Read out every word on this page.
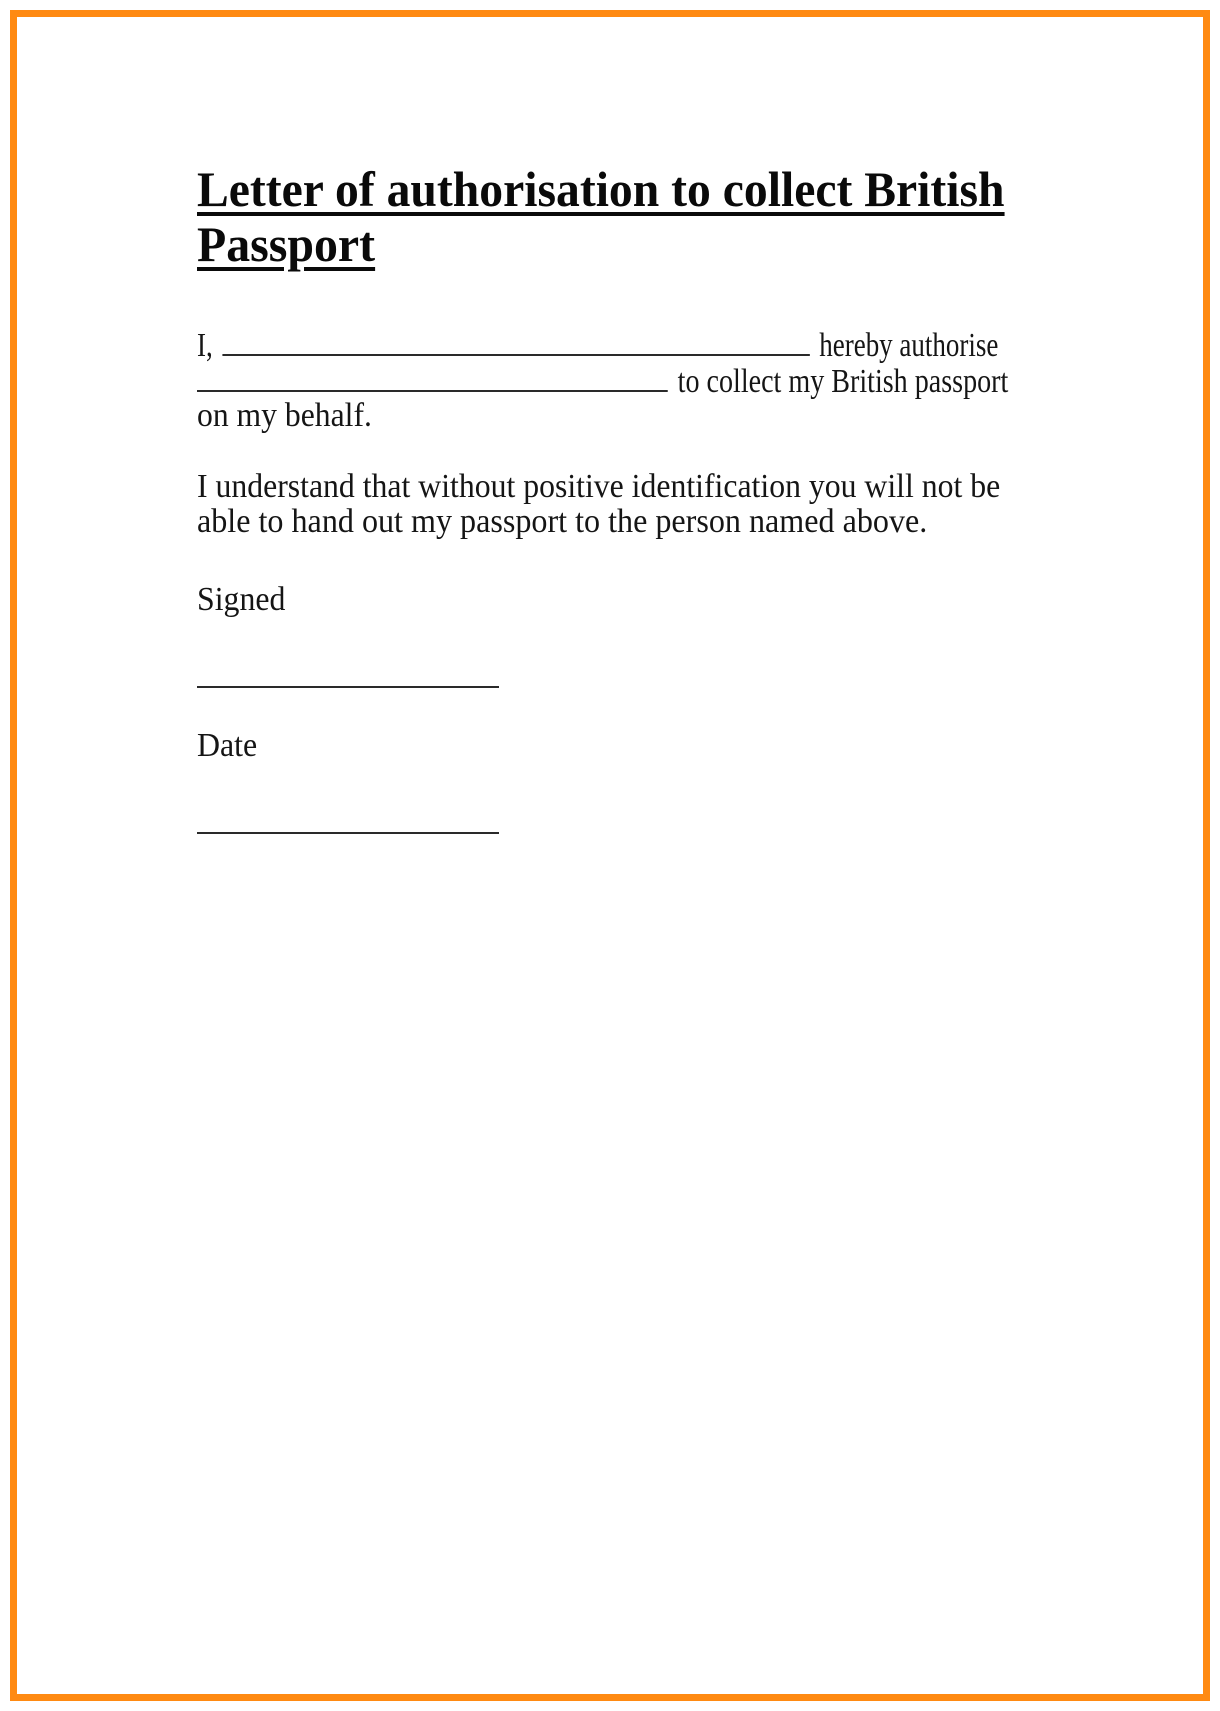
Letter of authorisation to collect British
Passport
I,	hereby authorise
to collect my British passport
on my behalf.
I understand that without positive identification you will not be
able to hand out my passport to the person named above.
Signed
Date
